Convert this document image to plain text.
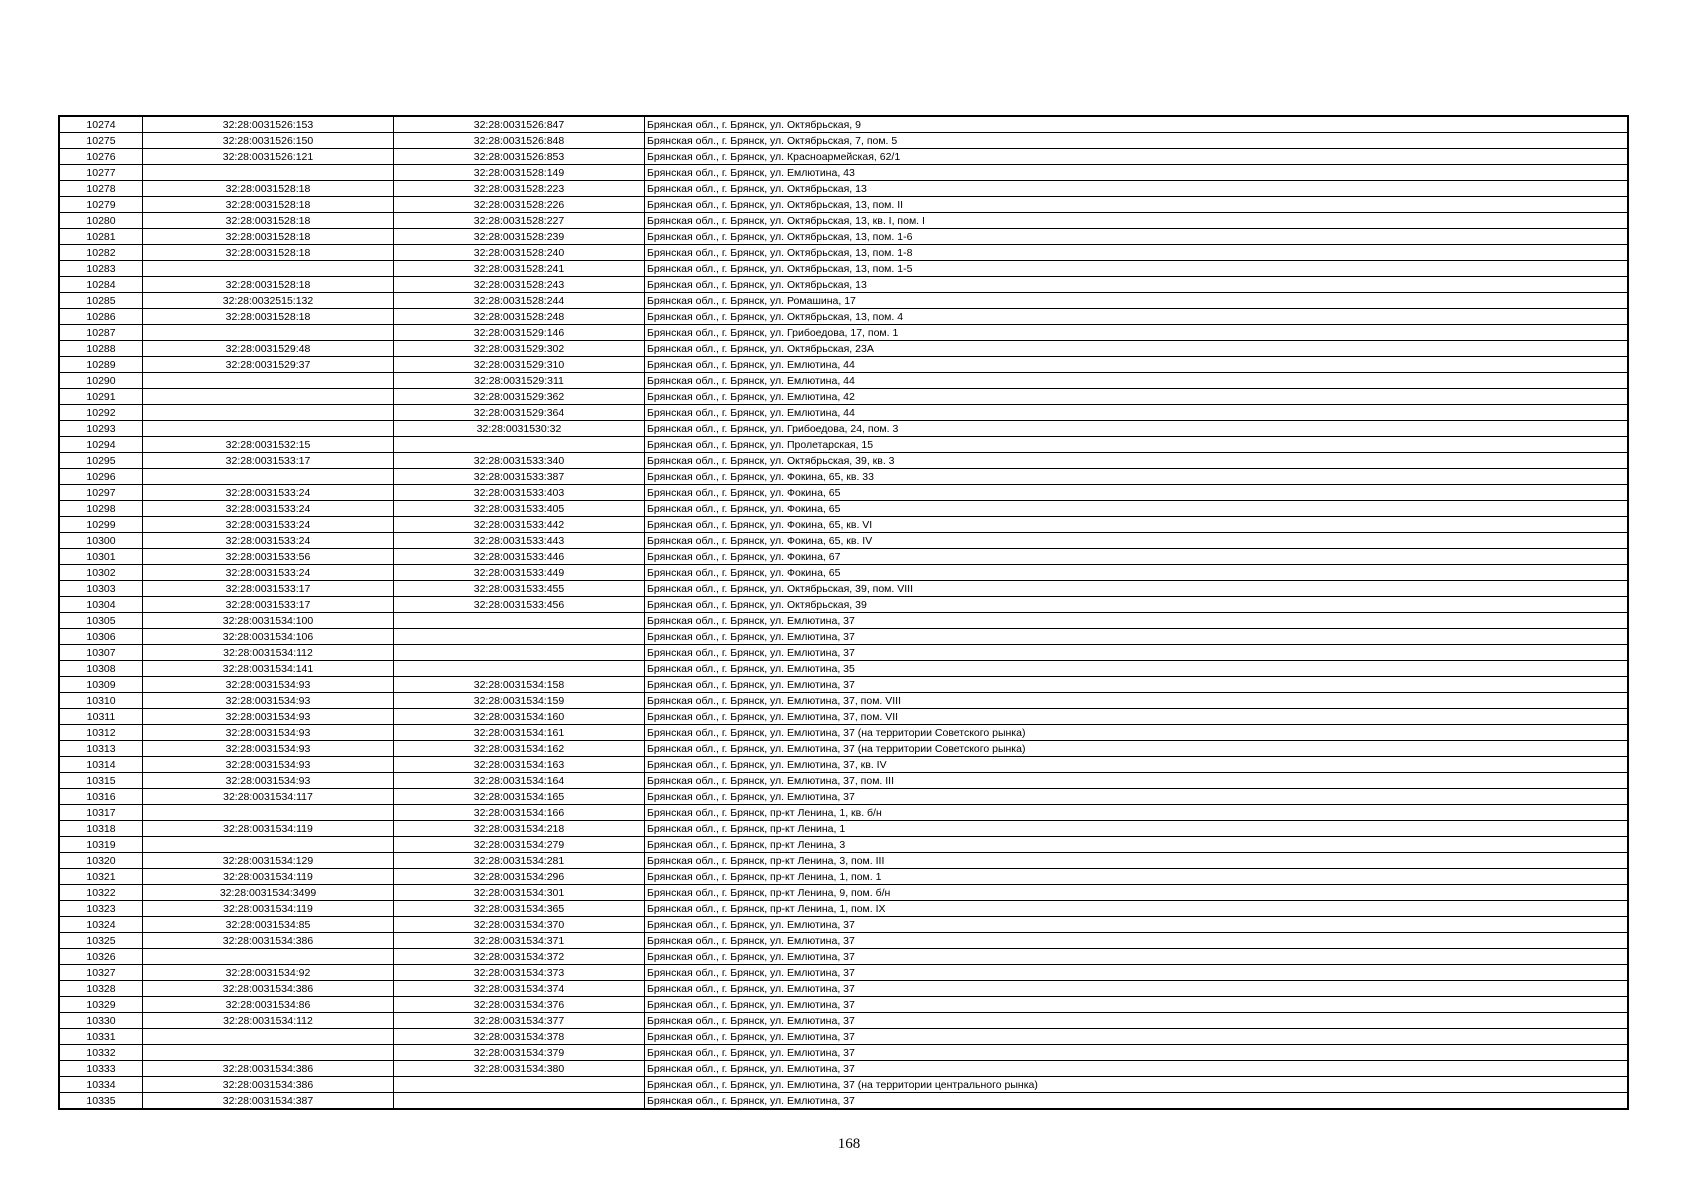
10274	32:28:0031526:153	32:28:0031526:847	Брянская обл., г. Брянск, ул. Октябрьская, 9
10275	32:28:0031526:150	32:28:0031526:848	Брянская обл., г. Брянск, ул. Октябрьская, 7, пом. 5
10276	32:28:0031526:121	32:28:0031526:853	Брянская обл., г. Брянск, ул. Красноармейская, 62/1
10277		32:28:0031528:149	Брянская обл., г. Брянск, ул. Емлютина, 43
10278	32:28:0031528:18	32:28:0031528:223	Брянская обл., г. Брянск, ул. Октябрьская, 13
10279	32:28:0031528:18	32:28:0031528:226	Брянская обл., г. Брянск, ул. Октябрьская, 13, пом. II
10280	32:28:0031528:18	32:28:0031528:227	Брянская обл., г. Брянск, ул. Октябрьская, 13, кв. I, пом. I
10281	32:28:0031528:18	32:28:0031528:239	Брянская обл., г. Брянск, ул. Октябрьская, 13, пом. 1-6
10282	32:28:0031528:18	32:28:0031528:240	Брянская обл., г. Брянск, ул. Октябрьская, 13, пом. 1-8
10283		32:28:0031528:241	Брянская обл., г. Брянск, ул. Октябрьская, 13, пом. 1-5
10284	32:28:0031528:18	32:28:0031528:243	Брянская обл., г. Брянск, ул. Октябрьская, 13
10285	32:28:0032515:132	32:28:0031528:244	Брянская обл., г. Брянск, ул. Ромашина, 17
10286	32:28:0031528:18	32:28:0031528:248	Брянская обл., г. Брянск, ул. Октябрьская, 13, пом. 4
10287		32:28:0031529:146	Брянская обл., г. Брянск, ул. Грибоедова, 17, пом. 1
10288	32:28:0031529:48	32:28:0031529:302	Брянская обл., г. Брянск, ул. Октябрьская, 23А
10289	32:28:0031529:37	32:28:0031529:310	Брянская обл., г. Брянск, ул. Емлютина, 44
10290		32:28:0031529:311	Брянская обл., г. Брянск, ул. Емлютина, 44
10291		32:28:0031529:362	Брянская обл., г. Брянск, ул. Емлютина, 42
10292		32:28:0031529:364	Брянская обл., г. Брянск, ул. Емлютина, 44
10293		32:28:0031530:32	Брянская обл., г. Брянск, ул. Грибоедова, 24, пом. 3
10294	32:28:0031532:15		Брянская обл., г. Брянск, ул. Пролетарская, 15
10295	32:28:0031533:17	32:28:0031533:340	Брянская обл., г. Брянск, ул. Октябрьская, 39, кв. 3
10296		32:28:0031533:387	Брянская обл., г. Брянск, ул. Фокина, 65, кв. 33
10297	32:28:0031533:24	32:28:0031533:403	Брянская обл., г. Брянск, ул. Фокина, 65
10298	32:28:0031533:24	32:28:0031533:405	Брянская обл., г. Брянск, ул. Фокина, 65
10299	32:28:0031533:24	32:28:0031533:442	Брянская обл., г. Брянск, ул. Фокина, 65, кв. VI
10300	32:28:0031533:24	32:28:0031533:443	Брянская обл., г. Брянск, ул. Фокина, 65, кв. IV
10301	32:28:0031533:56	32:28:0031533:446	Брянская обл., г. Брянск, ул. Фокина, 67
10302	32:28:0031533:24	32:28:0031533:449	Брянская обл., г. Брянск, ул. Фокина, 65
10303	32:28:0031533:17	32:28:0031533:455	Брянская обл., г. Брянск, ул. Октябрьская, 39, пом. VIII
10304	32:28:0031533:17	32:28:0031533:456	Брянская обл., г. Брянск, ул. Октябрьская, 39
10305	32:28:0031534:100		Брянская обл., г. Брянск, ул. Емлютина, 37
10306	32:28:0031534:106		Брянская обл., г. Брянск, ул. Емлютина, 37
10307	32:28:0031534:112		Брянская обл., г. Брянск, ул. Емлютина, 37
10308	32:28:0031534:141		Брянская обл., г. Брянск, ул. Емлютина, 35
10309	32:28:0031534:93	32:28:0031534:158	Брянская обл., г. Брянск, ул. Емлютина, 37
10310	32:28:0031534:93	32:28:0031534:159	Брянская обл., г. Брянск, ул. Емлютина, 37, пом. VIII
10311	32:28:0031534:93	32:28:0031534:160	Брянская обл., г. Брянск, ул. Емлютина, 37, пом. VII
10312	32:28:0031534:93	32:28:0031534:161	Брянская обл., г. Брянск, ул. Емлютина, 37 (на территории Советского рынка)
10313	32:28:0031534:93	32:28:0031534:162	Брянская обл., г. Брянск, ул. Емлютина, 37 (на территории Советского рынка)
10314	32:28:0031534:93	32:28:0031534:163	Брянская обл., г. Брянск, ул. Емлютина, 37, кв. IV
10315	32:28:0031534:93	32:28:0031534:164	Брянская обл., г. Брянск, ул. Емлютина, 37, пом. III
10316	32:28:0031534:117	32:28:0031534:165	Брянская обл., г. Брянск, ул. Емлютина, 37
10317		32:28:0031534:166	Брянская обл., г. Брянск, пр-кт Ленина, 1, кв. б/н
10318	32:28:0031534:119	32:28:0031534:218	Брянская обл., г. Брянск, пр-кт Ленина, 1
10319		32:28:0031534:279	Брянская обл., г. Брянск, пр-кт Ленина, 3
10320	32:28:0031534:129	32:28:0031534:281	Брянская обл., г. Брянск, пр-кт Ленина, 3, пом. III
10321	32:28:0031534:119	32:28:0031534:296	Брянская обл., г. Брянск, пр-кт Ленина, 1, пом. 1
10322	32:28:0031534:3499	32:28:0031534:301	Брянская обл., г. Брянск, пр-кт Ленина, 9, пом. б/н
10323	32:28:0031534:119	32:28:0031534:365	Брянская обл., г. Брянск, пр-кт Ленина, 1, пом. IX
10324	32:28:0031534:85	32:28:0031534:370	Брянская обл., г. Брянск, ул. Емлютина, 37
10325	32:28:0031534:386	32:28:0031534:371	Брянская обл., г. Брянск, ул. Емлютина, 37
10326		32:28:0031534:372	Брянская обл., г. Брянск, ул. Емлютина, 37
10327	32:28:0031534:92	32:28:0031534:373	Брянская обл., г. Брянск, ул. Емлютина, 37
10328	32:28:0031534:386	32:28:0031534:374	Брянская обл., г. Брянск, ул. Емлютина, 37
10329	32:28:0031534:86	32:28:0031534:376	Брянская обл., г. Брянск, ул. Емлютина, 37
10330	32:28:0031534:112	32:28:0031534:377	Брянская обл., г. Брянск, ул. Емлютина, 37
10331		32:28:0031534:378	Брянская обл., г. Брянск, ул. Емлютина, 37
10332		32:28:0031534:379	Брянская обл., г. Брянск, ул. Емлютина, 37
10333	32:28:0031534:386	32:28:0031534:380	Брянская обл., г. Брянск, ул. Емлютина, 37
10334	32:28:0031534:386		Брянская обл., г. Брянск, ул. Емлютина, 37 (на территории центрального рынка)
10335	32:28:0031534:387		Брянская обл., г. Брянск, ул. Емлютина, 37
168
